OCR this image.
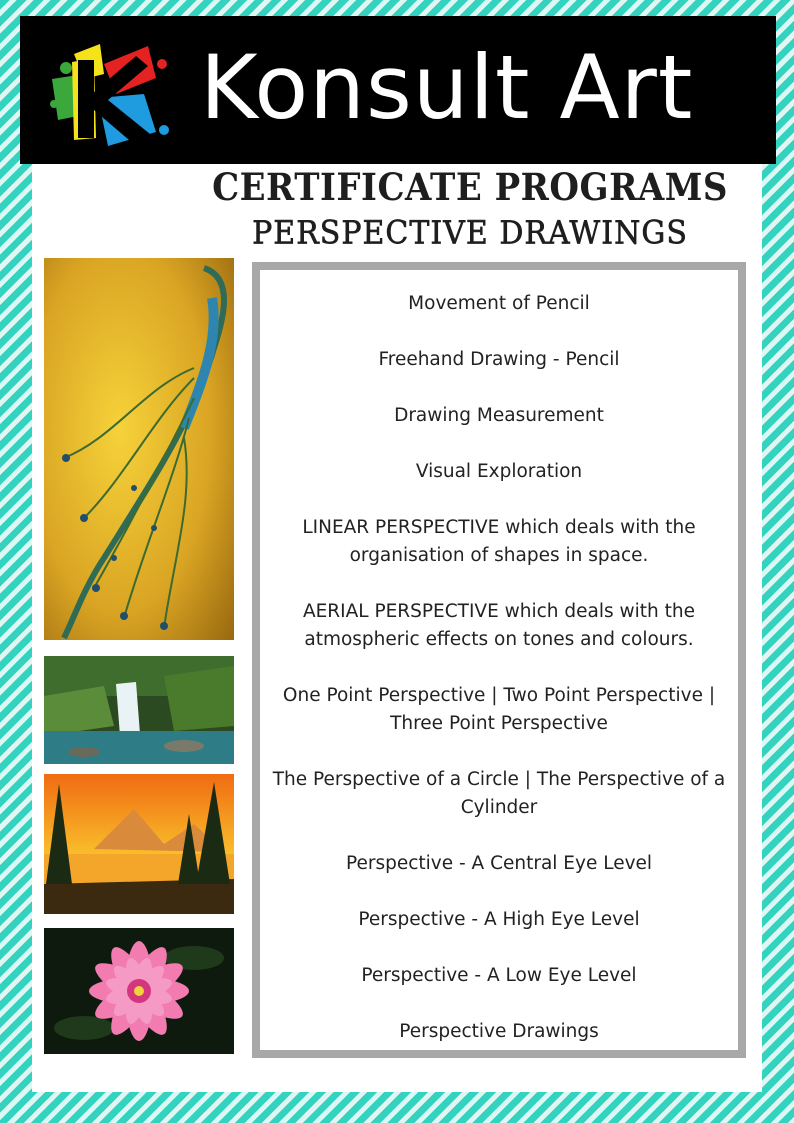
Konsult Art
CERTIFICATE PROGRAMS
PERSPECTIVE DRAWINGS
Movement of Pencil
Freehand Drawing - Pencil
Drawing Measurement
Visual Exploration
LINEAR PERSPECTIVE which deals with the organisation of shapes in space.
AERIAL PERSPECTIVE which deals with the atmospheric effects on tones and colours.
One Point Perspective | Two Point Perspective | Three Point Perspective
The Perspective of a Circle | The Perspective of a Cylinder
Perspective - A Central Eye Level
Perspective - A High Eye Level
Perspective - A Low Eye Level
Perspective Drawings
